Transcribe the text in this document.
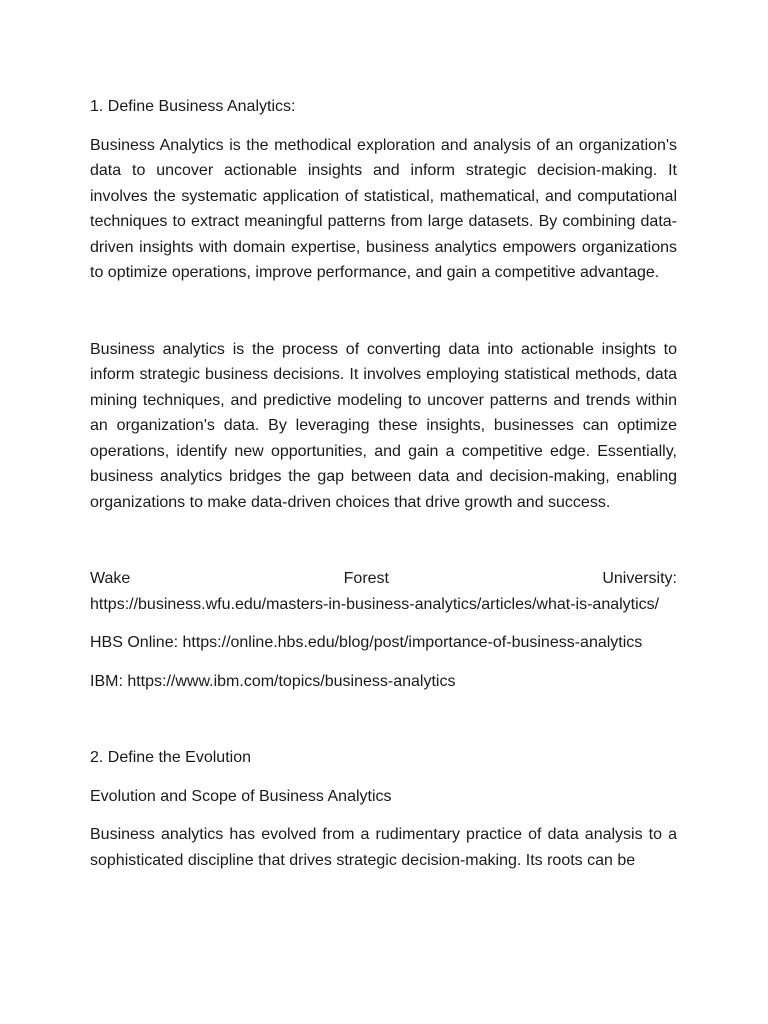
1. Define Business Analytics:

Business Analytics is the methodical exploration and analysis of an organization's data to uncover actionable insights and inform strategic decision-making. It involves the systematic application of statistical, mathematical, and computational techniques to extract meaningful patterns from large datasets. By combining data-driven insights with domain expertise, business analytics empowers organizations to optimize operations, improve performance, and gain a competitive advantage.

Business analytics is the process of converting data into actionable insights to inform strategic business decisions. It involves employing statistical methods, data mining techniques, and predictive modeling to uncover patterns and trends within an organization's data. By leveraging these insights, businesses can optimize operations, identify new opportunities, and gain a competitive edge. Essentially, business analytics bridges the gap between data and decision-making, enabling organizations to make data-driven choices that drive growth and success.

Wake	Forest	University:
https://business.wfu.edu/masters-in-business-analytics/articles/what-is-analytics/

HBS Online: https://online.hbs.edu/blog/post/importance-of-business-analytics

IBM: https://www.ibm.com/topics/business-analytics

2. Define the Evolution

Evolution and Scope of Business Analytics

Business analytics has evolved from a rudimentary practice of data analysis to a sophisticated discipline that drives strategic decision-making. Its roots can be
